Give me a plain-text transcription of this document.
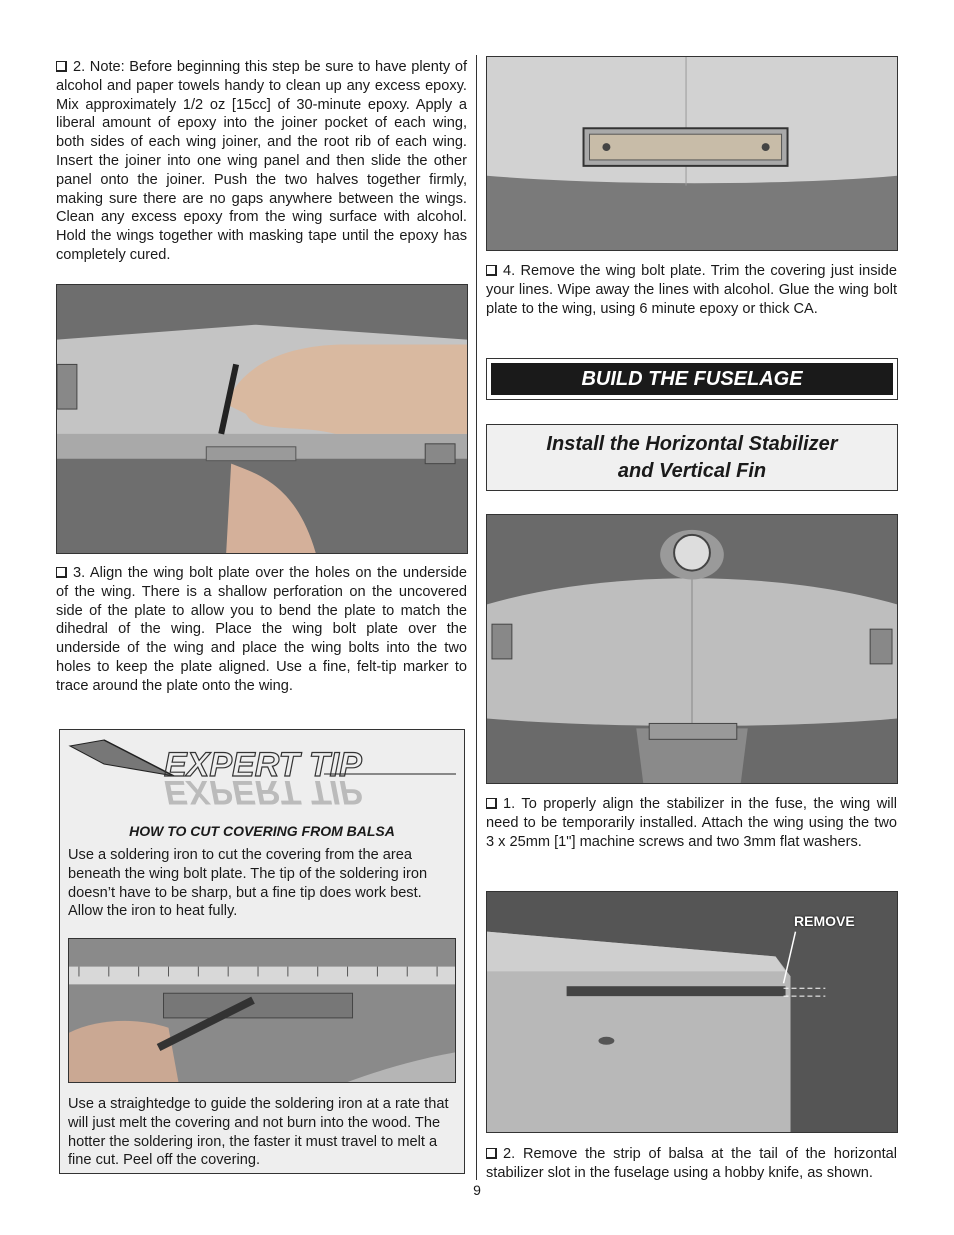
2. Note: Before beginning this step be sure to have plenty of alcohol and paper towels handy to clean up any excess epoxy. Mix approximately 1/2 oz [15cc] of 30-minute epoxy. Apply a liberal amount of epoxy into the joiner pocket of each wing, both sides of each wing joiner, and the root rib of each wing. Insert the joiner into one wing panel and then slide the other panel onto the joiner. Push the two halves together firmly, making sure there are no gaps anywhere between the wings. Clean any excess epoxy from the wing surface with alcohol. Hold the wings together with masking tape until the epoxy has completely cured.

3. Align the wing bolt plate over the holes on the underside of the wing. There is a shallow perforation on the uncovered side of the plate to allow you to bend the plate to match the dihedral of the wing. Place the wing bolt plate over the underside of the wing and place the wing bolts into the two holes to keep the plate aligned. Use a fine, felt-tip marker to trace around the plate onto the wing.

EXPERT TIP
EXPERT TIP
HOW TO CUT COVERING FROM BALSA

Use a soldering iron to cut the covering from the area beneath the wing bolt plate. The tip of the soldering iron doesn’t have to be sharp, but a fine tip does work best. Allow the iron to heat fully.

Use a straightedge to guide the soldering iron at a rate that will just melt the covering and not burn into the wood. The hotter the soldering iron, the faster it must travel to melt a fine cut. Peel off the covering.

4. Remove the wing bolt plate. Trim the covering just inside your lines. Wipe away the lines with alcohol. Glue the wing bolt plate to the wing, using 6 minute epoxy or thick CA.

BUILD THE FUSELAGE
Install the Horizontal Stabilizer
and Vertical Fin

1. To properly align the stabilizer in the fuse, the wing will need to be temporarily installed. Attach the wing using the two 3 x 25mm [1"] machine screws and two 3mm flat washers.

REMOVE

2. Remove the strip of balsa at the tail of the horizontal stabilizer slot in the fuselage using a hobby knife, as shown.

9
